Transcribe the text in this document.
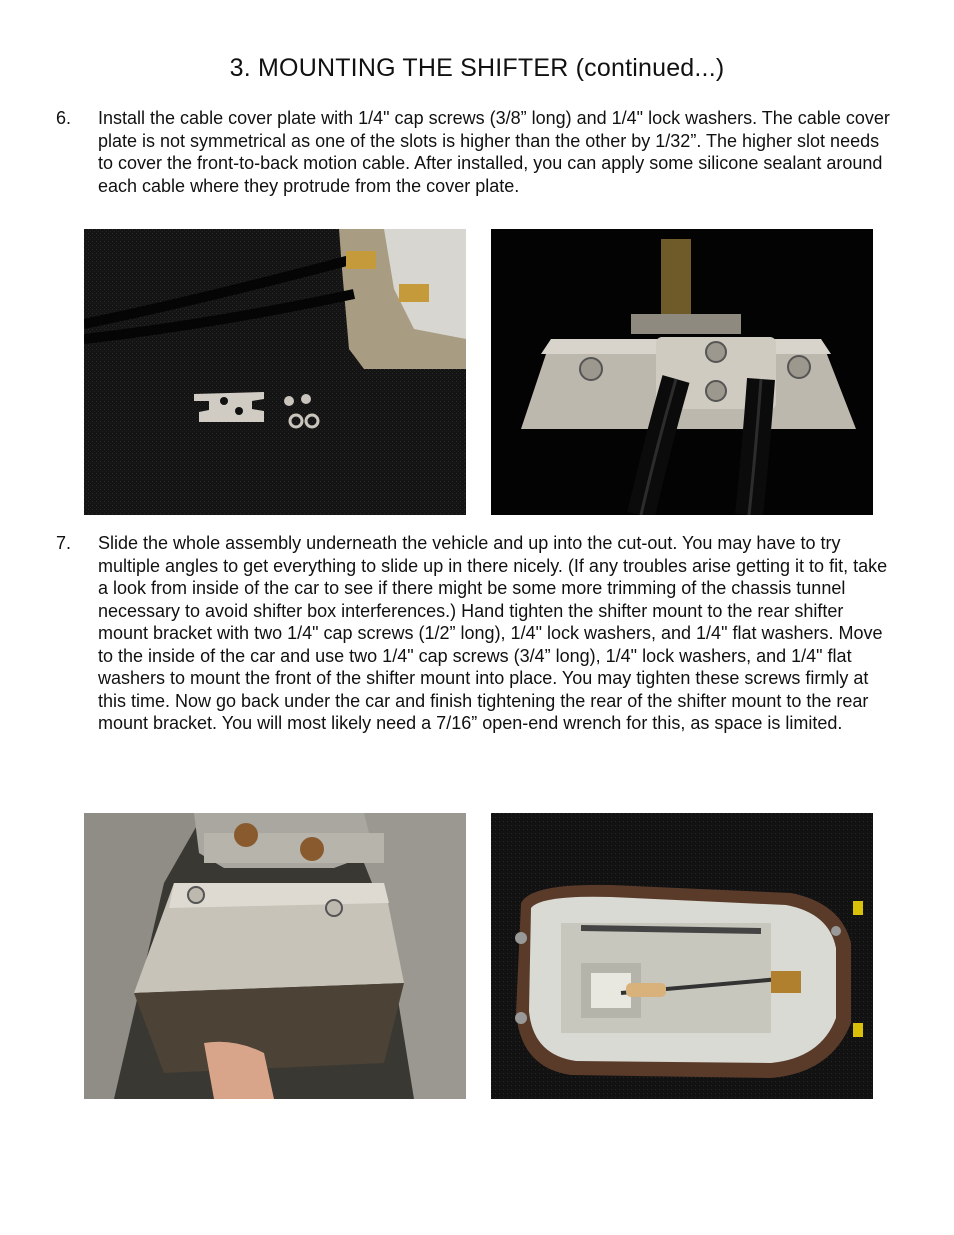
3. MOUNTING THE SHIFTER (continued...)
6. Install the cable cover plate with 1/4" cap screws (3/8” long) and 1/4" lock washers. The cable cover plate is not symmetrical as one of the slots is higher than the other by 1/32”. The higher slot needs to cover the front-to-back motion cable. After installed, you can apply some silicone sealant around each cable where they protrude from the cover plate.
7. Slide the whole assembly underneath the vehicle and up into the cut-out. You may have to try multiple angles to get everything to slide up in there nicely. (If any troubles arise getting it to fit, take a look from inside of the car to see if there might be some more trimming of the chassis tunnel necessary to avoid shifter box interferences.) Hand tighten the shifter mount to the rear shifter mount bracket with two 1/4" cap screws (1/2” long), 1/4" lock washers, and 1/4" flat washers. Move to the inside of the car and use two 1/4" cap screws (3/4” long), 1/4" lock washers, and 1/4" flat washers to mount the front of the shifter mount into place. You may tighten these screws firmly at this time. Now go back under the car and finish tightening the rear of the shifter mount to the rear mount bracket. You will most likely need a 7/16” open-end wrench for this, as space is limited.
